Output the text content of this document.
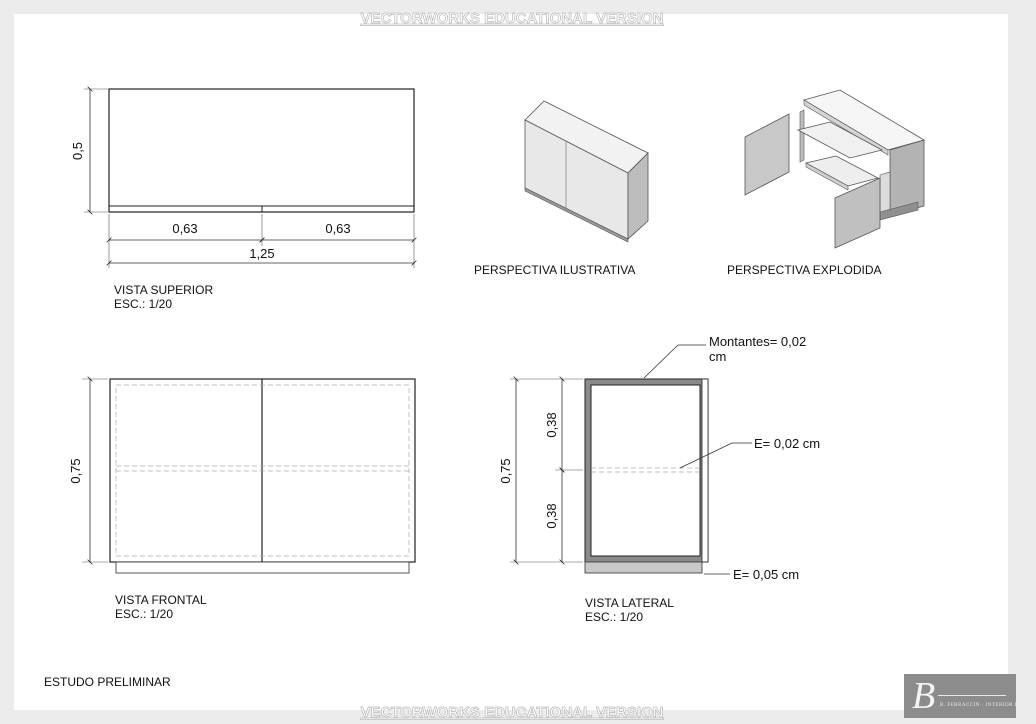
VECTORWORKS EDUCATIONAL VERSION
VECTORWORKS EDUCATIONAL VERSION
0,5
0,63	0,63
1,25
VISTA SUPERIOR
ESC.: 1/20
PERSPECTIVA ILUSTRATIVA	PERSPECTIVA EXPLODIDA
0,75
VISTA FRONTAL
ESC.: 1/20
0,75
0,38
0,38
Montantes= 0,02
cm
E= 0,02 cm
E= 0,05 cm
VISTA LATERAL
ESC.: 1/20
ESTUDO PRELIMINAR	B B. FERRACCIN · INTERIOR DESIGN
